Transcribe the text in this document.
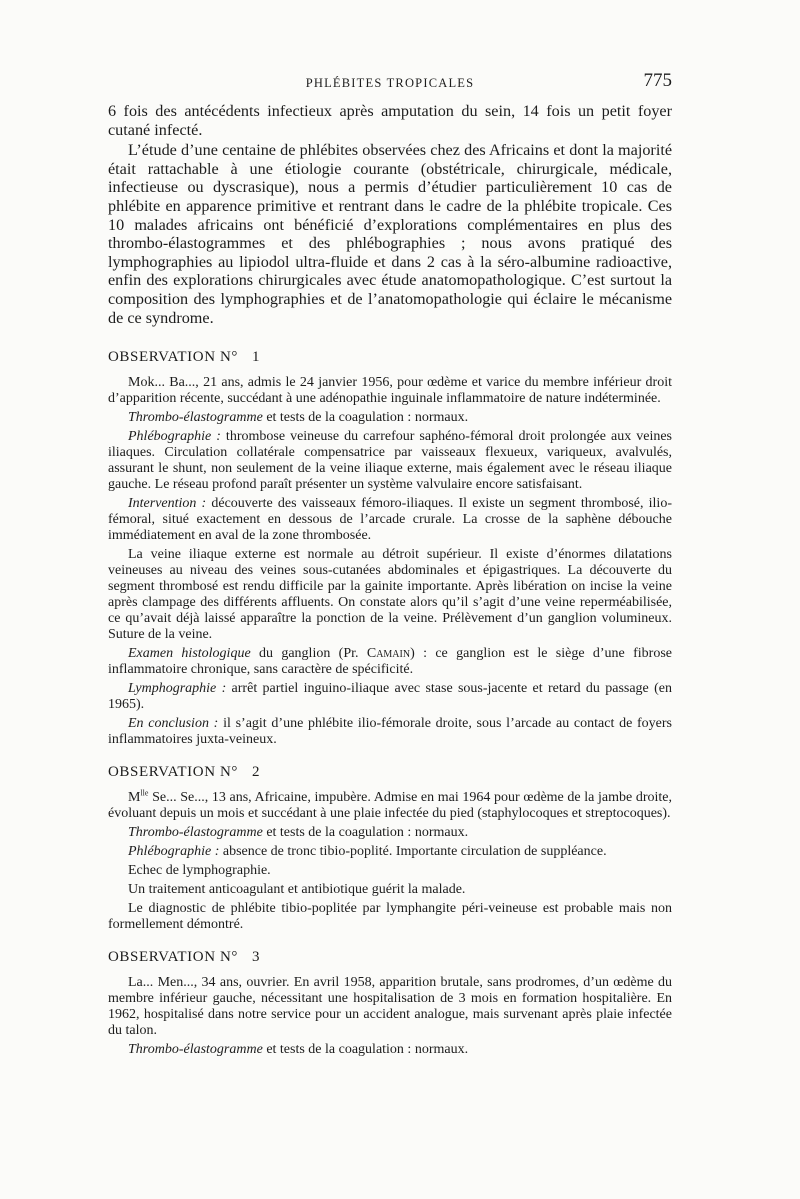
PHLÉBITES TROPICALES	775

6 fois des antécédents infectieux après amputation du sein, 14 fois un petit foyer cutané infecté.

L’étude d’une centaine de phlébites observées chez des Africains et dont la majorité était rattachable à une étiologie courante (obstétricale, chirurgicale, médicale, infectieuse ou dyscrasique), nous a permis d’étudier particulièrement 10 cas de phlébite en apparence primitive et rentrant dans le cadre de la phlébite tropicale. Ces 10 malades africains ont bénéficié d’explorations complémentaires en plus des thrombo-élastogrammes et des phlébographies ; nous avons pratiqué des lymphographies au lipiodol ultra-fluide et dans 2 cas à la séro-albumine radioactive, enfin des explorations chirurgicales avec étude anatomopathologique. C’est surtout la composition des lymphographies et de l’anatomopathologie qui éclaire le mécanisme de ce syndrome.

OBSERVATION N° 1

Mok... Ba..., 21 ans, admis le 24 janvier 1956, pour œdème et varice du membre inférieur droit d’apparition récente, succédant à une adénopathie inguinale inflammatoire de nature indéterminée.

Thrombo-élastogramme et tests de la coagulation : normaux.

Phlébographie : thrombose veineuse du carrefour saphéno-fémoral droit prolongée aux veines iliaques. Circulation collatérale compensatrice par vaisseaux flexueux, variqueux, avalvulés, assurant le shunt, non seulement de la veine iliaque externe, mais également avec le réseau iliaque gauche. Le réseau profond paraît présenter un système valvulaire encore satisfaisant.

Intervention : découverte des vaisseaux fémoro-iliaques. Il existe un segment thrombosé, ilio-fémoral, situé exactement en dessous de l’arcade crurale. La crosse de la saphène débouche immédiatement en aval de la zone thrombosée.

La veine iliaque externe est normale au détroit supérieur. Il existe d’énormes dilatations veineuses au niveau des veines sous-cutanées abdominales et épigastriques. La découverte du segment thrombosé est rendu difficile par la gainite importante. Après libération on incise la veine après clampage des différents affluents. On constate alors qu’il s’agit d’une veine reperméabilisée, ce qu’avait déjà laissé apparaître la ponction de la veine. Prélèvement d’un ganglion volumineux. Suture de la veine.

Examen histologique du ganglion (Pr. Camain) : ce ganglion est le siège d’une fibrose inflammatoire chronique, sans caractère de spécificité.

Lymphographie : arrêt partiel inguino-iliaque avec stase sous-jacente et retard du passage (en 1965).

En conclusion : il s’agit d’une phlébite ilio-fémorale droite, sous l’arcade au contact de foyers inflammatoires juxta-veineux.

OBSERVATION N° 2

$M^{lle}$ Se... Se..., 13 ans, Africaine, impubère. Admise en mai 1964 pour œdème de la jambe droite, évoluant depuis un mois et succédant à une plaie infectée du pied (staphylocoques et streptocoques).

Thrombo-élastogramme et tests de la coagulation : normaux.

Phlébographie : absence de tronc tibio-poplité. Importante circulation de suppléance.

Echec de lymphographie.

Un traitement anticoagulant et antibiotique guérit la malade.

Le diagnostic de phlébite tibio-poplitée par lymphangite péri-veineuse est probable mais non formellement démontré.

OBSERVATION N° 3

La... Men..., 34 ans, ouvrier. En avril 1958, apparition brutale, sans prodromes, d’un œdème du membre inférieur gauche, nécessitant une hospitalisation de 3 mois en formation hospitalière. En 1962, hospitalisé dans notre service pour un accident analogue, mais survenant après plaie infectée du talon.

Thrombo-élastogramme et tests de la coagulation : normaux.
